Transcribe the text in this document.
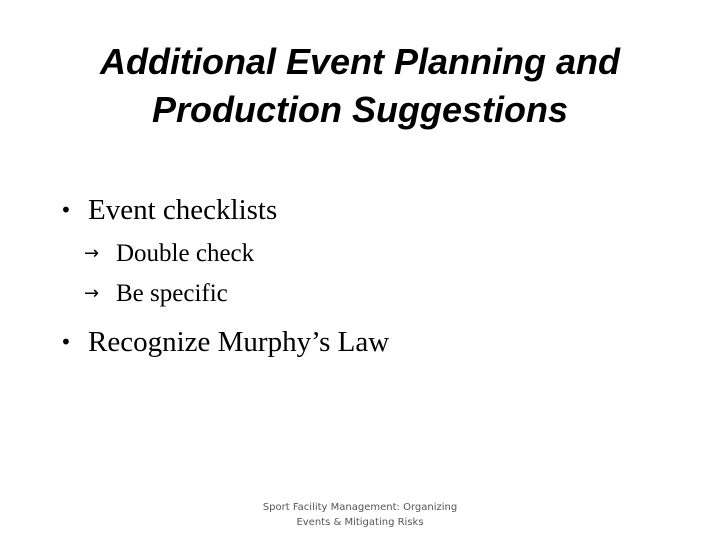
Additional Event Planning and
Production Suggestions
• Event checklists
→ Double check
→ Be specific
• Recognize Murphy’s Law
Sport Facility Management: Organizing
Events & Mitigating Risks
